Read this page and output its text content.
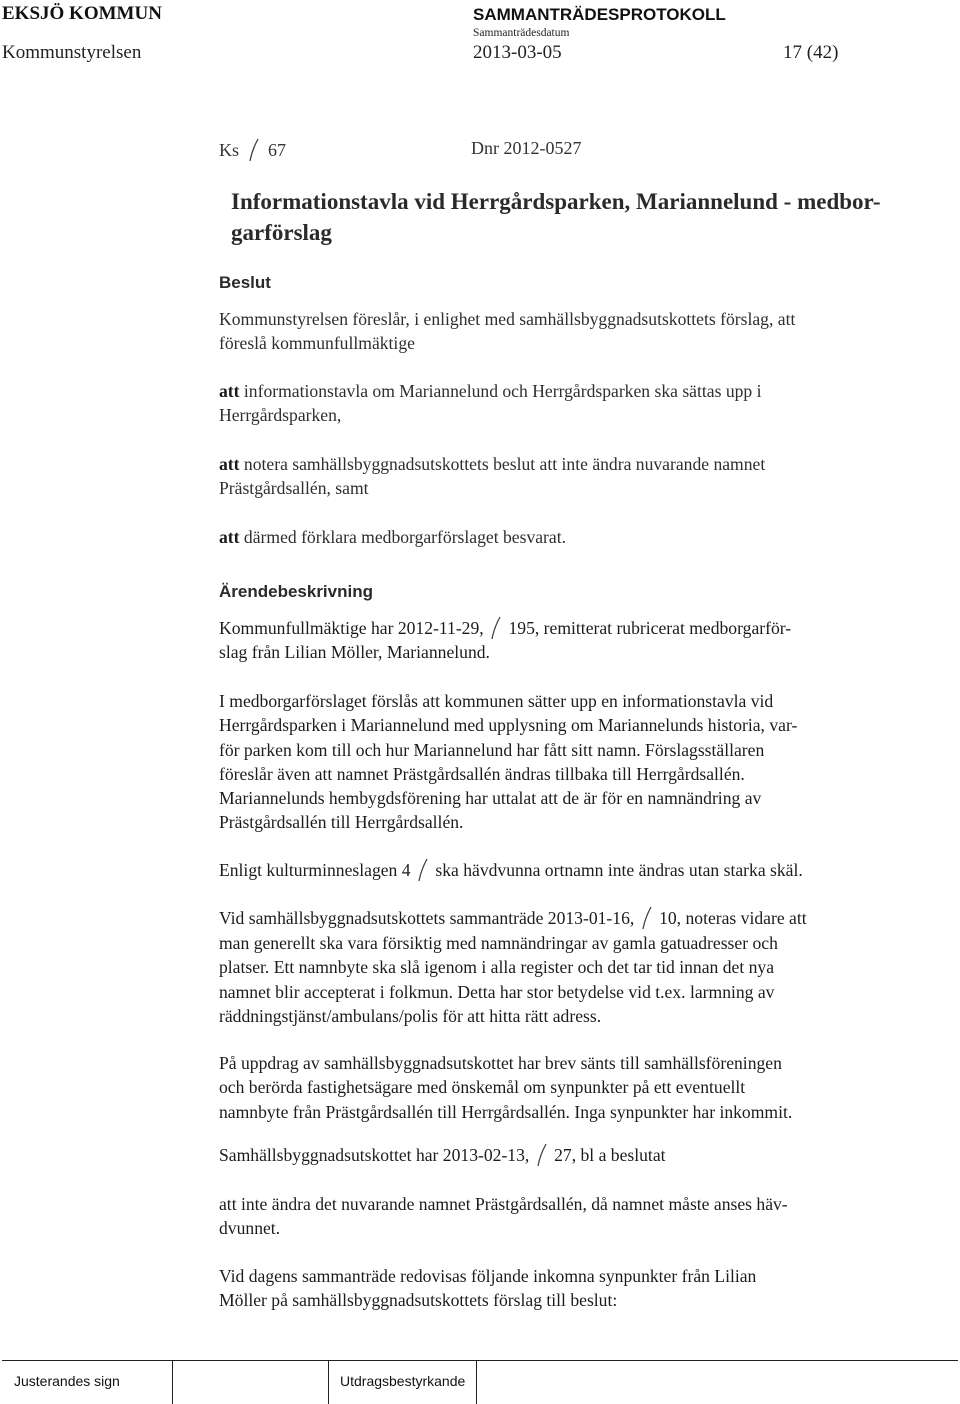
EKSJÖ KOMMUN	SAMMANTRÄDESPROTOKOLL
Sammanträdesdatum
Kommunstyrelsen	2013-03-05	17 (42)
Ks 67	Dnr 2012-0527
Informationstavla vid Herrgårdsparken, Mariannelund - medbor-
garförslag
Beslut
Kommunstyrelsen föreslår, i enlighet med samhällsbyggnadsutskottets förslag, att
föreslå kommunfullmäktige
att informationstavla om Mariannelund och Herrgårdsparken ska sättas upp i
Herrgårdsparken,
att notera samhällsbyggnadsutskottets beslut att inte ändra nuvarande namnet
Prästgårdsallén, samt
att därmed förklara medborgarförslaget besvarat.
Ärendebeskrivning
Kommunfullmäktige har 2012-11-29, 195, remitterat rubricerat medborgarför-
slag från Lilian Möller, Mariannelund.
I medborgarförslaget förslås att kommunen sätter upp en informationstavla vid
Herrgårdsparken i Mariannelund med upplysning om Mariannelunds historia, var-
för parken kom till och hur Mariannelund har fått sitt namn. Förslagsställaren
föreslår även att namnet Prästgårdsallén ändras tillbaka till Herrgårdsallén.
Mariannelunds hembygdsförening har uttalat att de är för en namnändring av
Prästgårdsallén till Herrgårdsallén.
Enligt kulturminneslagen 4 ska hävdvunna ortnamn inte ändras utan starka skäl.
Vid samhällsbyggnadsutskottets sammanträde 2013-01-16, 10, noteras vidare att
man generellt ska vara försiktig med namnändringar av gamla gatuadresser och
platser. Ett namnbyte ska slå igenom i alla register och det tar tid innan det nya
namnet blir accepterat i folkmun. Detta har stor betydelse vid t.ex. larmning av
räddningstjänst/ambulans/polis för att hitta rätt adress.
På uppdrag av samhällsbyggnadsutskottet har brev sänts till samhällsföreningen
och berörda fastighetsägare med önskemål om synpunkter på ett eventuellt
namnbyte från Prästgårdsallén till Herrgårdsallén. Inga synpunkter har inkommit.
Samhällsbyggnadsutskottet har 2013-02-13, 27, bl a beslutat
att inte ändra det nuvarande namnet Prästgårdsallén, då namnet måste anses häv-
dvunnet.
Vid dagens sammanträde redovisas följande inkomna synpunkter från Lilian
Möller på samhällsbyggnadsutskottets förslag till beslut:
Justerandes sign	Utdragsbestyrkande
